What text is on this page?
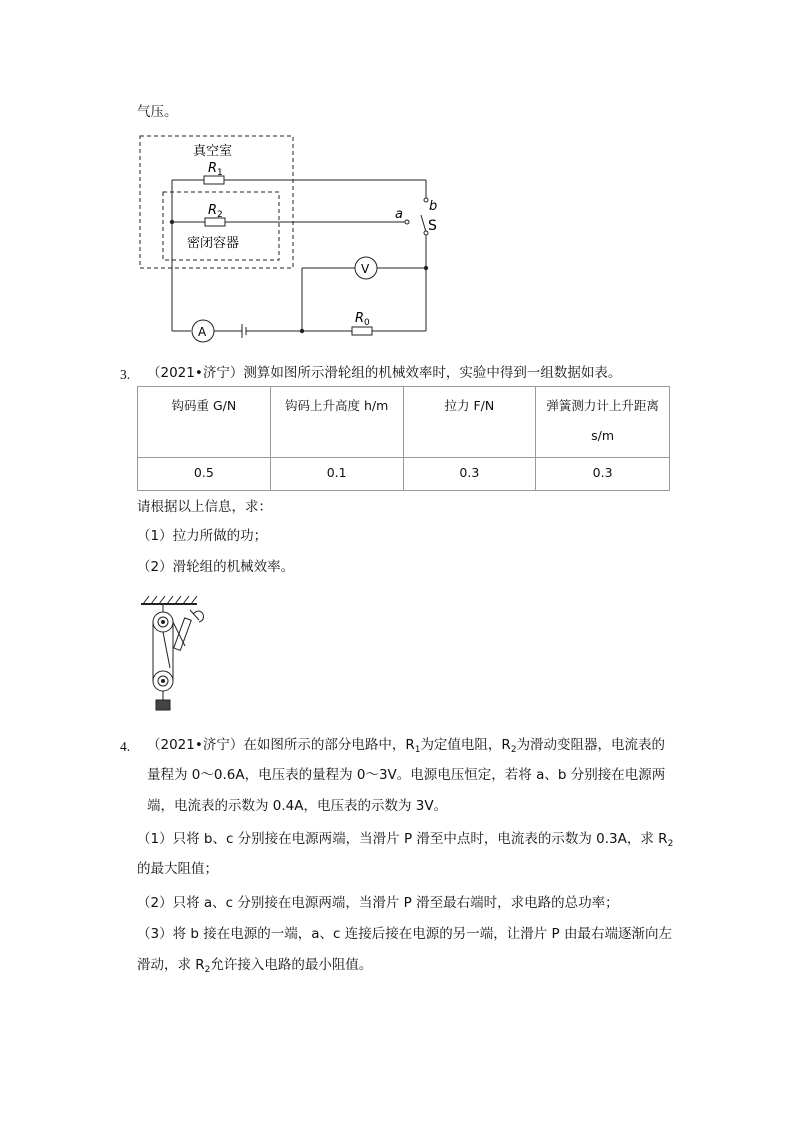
气压。
真空室
$R_1$
$R_2$
密闭容器
a
b
S
V
A
$R_0$
3. （2021•济宁）测算如图所示滑轮组的机械效率时，实验中得到一组数据如表。
钩码重 G/N	钩码上升高度 h/m	拉力 F/N	弹簧测力计上升距离
s/m

0.5	0.1	0.3	0.3
请根据以上信息，求：
（1）拉力所做的功；
（2）滑轮组的机械效率。
4. （2021•济宁）在如图所示的部分电路中，$R_1$为定值电阻，$R_2$为滑动变阻器，电流表的
量程为 0～0.6A，电压表的量程为 0～3V。电源电压恒定，若将 a、b 分别接在电源两
端，电流表的示数为 0.4A，电压表的示数为 3V。
（1）只将 b、c 分别接在电源两端，当滑片 P 滑至中点时，电流表的示数为 0.3A，求 $R_2$
的最大阻值；
（2）只将 a、c 分别接在电源两端，当滑片 P 滑至最右端时，求电路的总功率；
（3）将 b 接在电源的一端，a、c 连接后接在电源的另一端，让滑片 P 由最右端逐渐向左
滑动，求 $R_2$允许接入电路的最小阻值。
